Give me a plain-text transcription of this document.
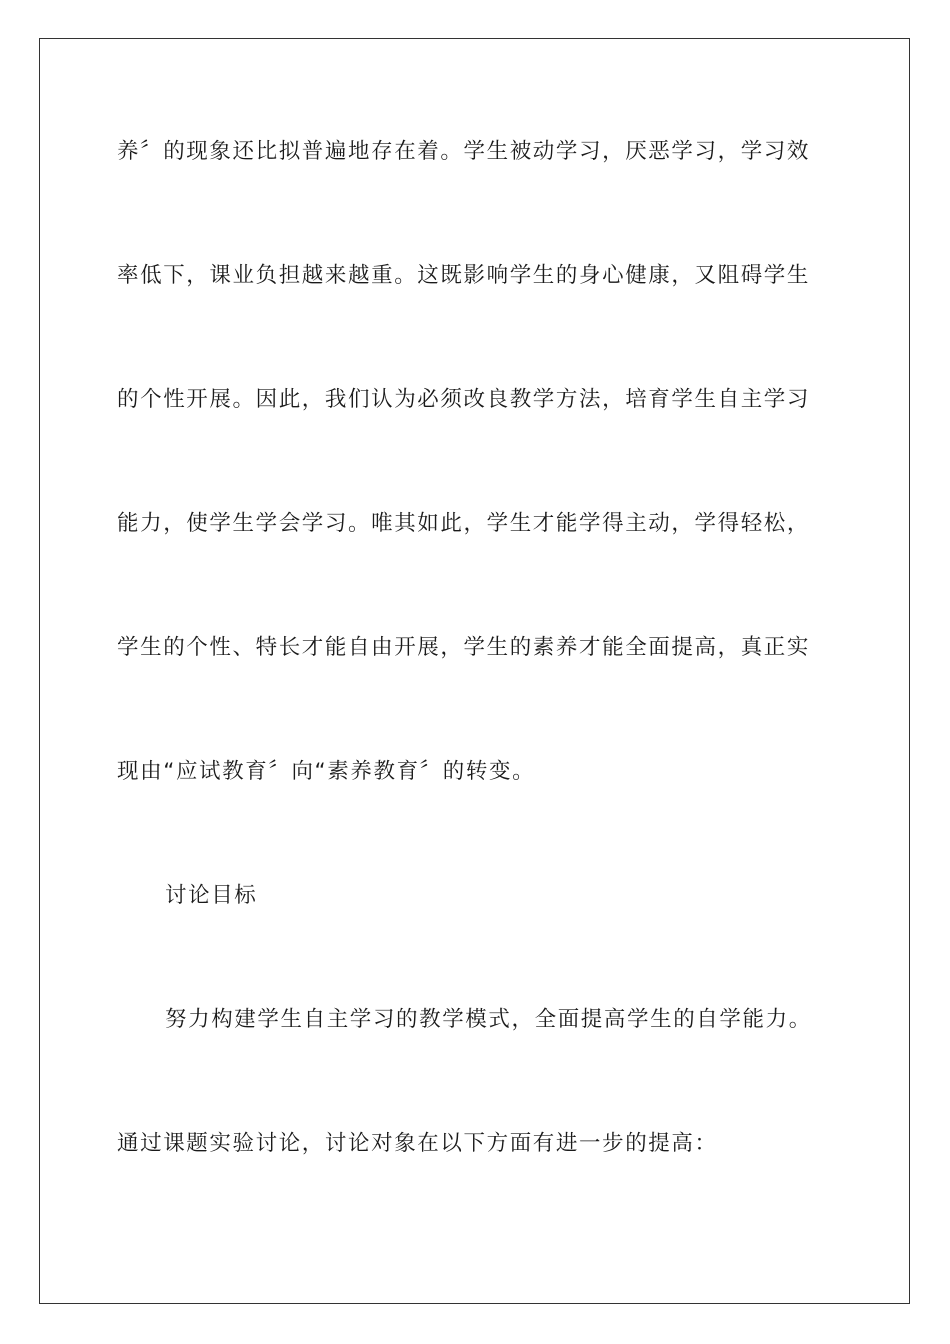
养〞的现象还比拟普遍地存在着。学生被动学习，厌恶学习，学习效
率低下，课业负担越来越重。这既影响学生的身心健康，又阻碍学生
的个性开展。因此，我们认为必须改良教学方法，培育学生自主学习
能力，使学生学会学习。唯其如此，学生才能学得主动，学得轻松，
学生的个性、特长才能自由开展，学生的素养才能全面提高，真正实
现由“应试教育〞向“素养教育〞的转变。
讨论目标
努力构建学生自主学习的教学模式，全面提高学生的自学能力。
通过课题实验讨论，讨论对象在以下方面有进一步的提高：
